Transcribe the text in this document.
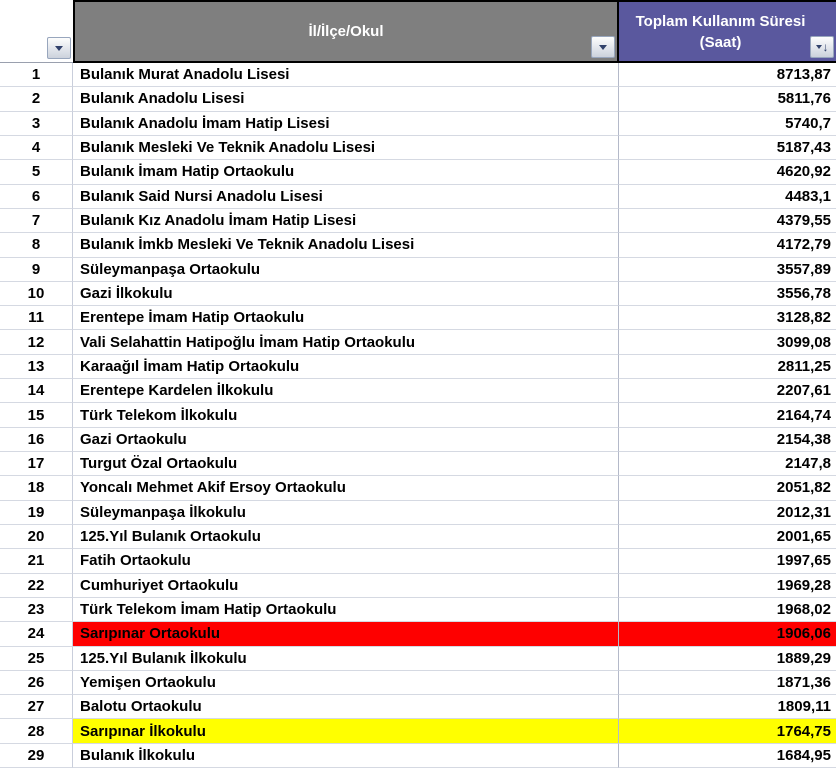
İl/İlçe/Okul
Toplam Kullanım Süresi
(Saat)	↓
1	Bulanık Murat Anadolu Lisesi	8713,87
2	Bulanık Anadolu Lisesi	5811,76
3	Bulanık Anadolu İmam Hatip Lisesi	5740,7
4	Bulanık Mesleki Ve Teknik Anadolu Lisesi	5187,43
5	Bulanık İmam Hatip Ortaokulu	4620,92
6	Bulanık Said Nursi Anadolu Lisesi	4483,1
7	Bulanık Kız Anadolu İmam Hatip Lisesi	4379,55
8	Bulanık İmkb Mesleki Ve Teknik Anadolu Lisesi	4172,79
9	Süleymanpaşa Ortaokulu	3557,89
10	Gazi İlkokulu	3556,78
11	Erentepe İmam Hatip Ortaokulu	3128,82
12	Vali Selahattin Hatipoğlu İmam Hatip Ortaokulu	3099,08
13	Karaağıl İmam Hatip Ortaokulu	2811,25
14	Erentepe Kardelen İlkokulu	2207,61
15	Türk Telekom İlkokulu	2164,74
16	Gazi Ortaokulu	2154,38
17	Turgut Özal Ortaokulu	2147,8
18	Yoncalı Mehmet Akif Ersoy Ortaokulu	2051,82
19	Süleymanpaşa İlkokulu	2012,31
20	125.Yıl Bulanık Ortaokulu	2001,65
21	Fatih Ortaokulu	1997,65
22	Cumhuriyet Ortaokulu	1969,28
23	Türk Telekom İmam Hatip Ortaokulu	1968,02
24	Sarıpınar Ortaokulu	1906,06
25	125.Yıl Bulanık İlkokulu	1889,29
26	Yemişen Ortaokulu	1871,36
27	Balotu Ortaokulu	1809,11
28	Sarıpınar İlkokulu	1764,75
29	Bulanık İlkokulu	1684,95
